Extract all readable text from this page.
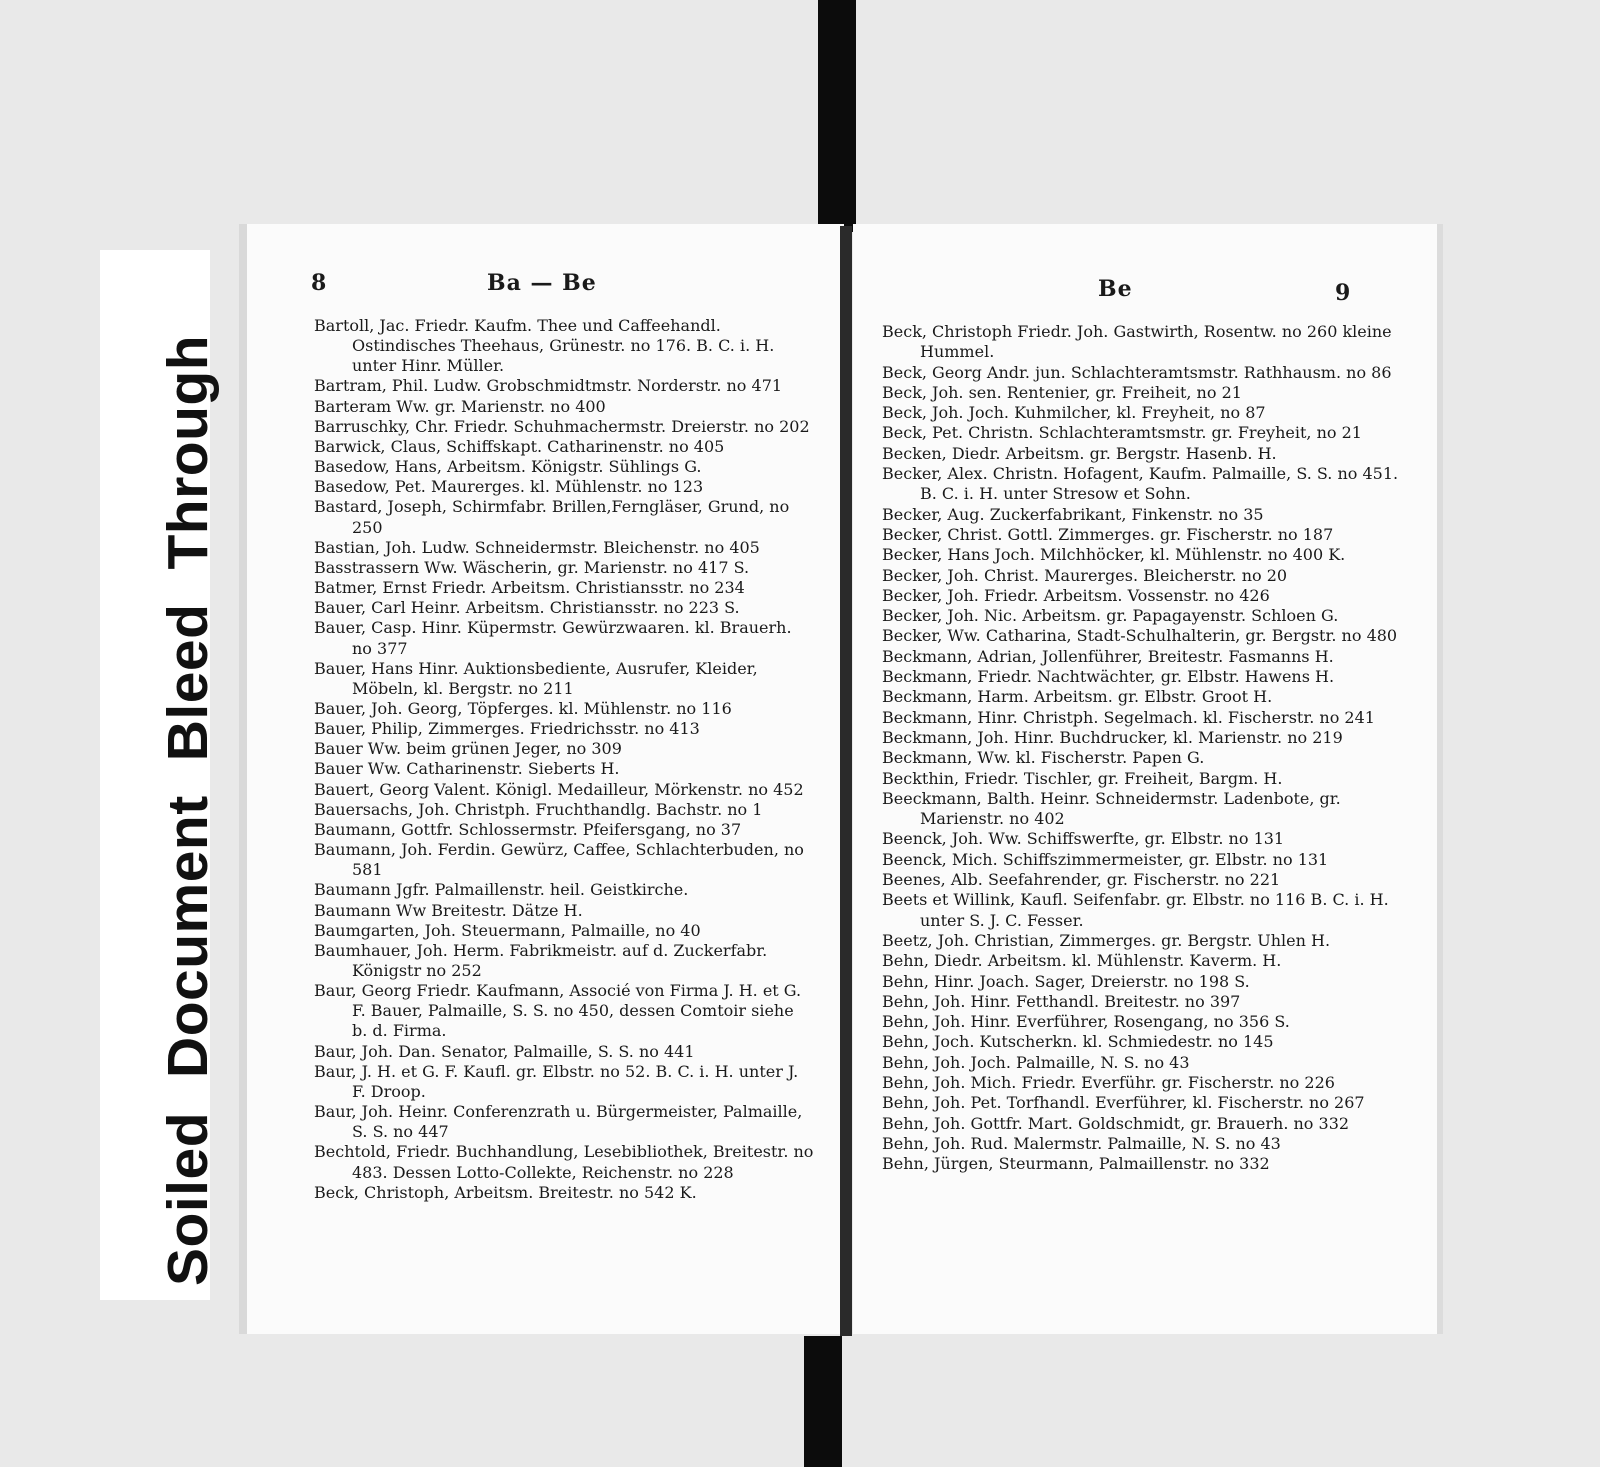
SoiledDocumentBleedThrough
8	Ba — Be
Bartoll, Jac. Friedr. Kaufm. Thee und Caffeehandl. Ostindisches Theehaus, Grünestr. no 176. B. C. i. H. unter Hinr. Müller.
Bartram, Phil. Ludw. Grobschmidtmstr. Norderstr. no 471
Barteram Ww. gr. Marienstr. no 400
Barruschky, Chr. Friedr. Schuhmachermstr. Dreierstr. no 202
Barwick, Claus, Schiffskapt. Catharinenstr. no 405
Basedow, Hans, Arbeitsm. Königstr. Sühlings G.
Basedow, Pet. Maurerges. kl. Mühlenstr. no 123
Bastard, Joseph, Schirmfabr. Brillen,Ferngläser, Grund, no 250
Bastian, Joh. Ludw. Schneidermstr. Bleichenstr. no 405
Basstrassern Ww. Wäscherin, gr. Marienstr. no 417 S.
Batmer, Ernst Friedr. Arbeitsm. Christiansstr. no 234
Bauer, Carl Heinr. Arbeitsm. Christiansstr. no 223 S.
Bauer, Casp. Hinr. Küpermstr. Gewürzwaaren. kl. Brauerh. no 377
Bauer, Hans Hinr. Auktionsbediente, Ausrufer, Kleider, Möbeln, kl. Bergstr. no 211
Bauer, Joh. Georg, Töpferges. kl. Mühlenstr. no 116
Bauer, Philip, Zimmerges. Friedrichsstr. no 413
Bauer Ww. beim grünen Jeger, no 309
Bauer Ww. Catharinenstr. Sieberts H.
Bauert, Georg Valent. Königl. Medailleur, Mörkenstr. no 452
Bauersachs, Joh. Christph. Fruchthandlg. Bachstr. no 1
Baumann, Gottfr. Schlossermstr. Pfeifersgang, no 37
Baumann, Joh. Ferdin. Gewürz, Caffee, Schlachterbuden, no 581
Baumann Jgfr. Palmaillenstr. heil. Geistkirche.
Baumann Ww Breitestr. Dätze H.
Baumgarten, Joh. Steuermann, Palmaille, no 40
Baumhauer, Joh. Herm. Fabrikmeistr. auf d. Zuckerfabr. Königstr no 252
Baur, Georg Friedr. Kaufmann, Associé von Firma J. H. et G. F. Bauer, Palmaille, S. S. no 450, dessen Comtoir siehe b. d. Firma.
Baur, Joh. Dan. Senator, Palmaille, S. S. no 441
Baur, J. H. et G. F. Kaufl. gr. Elbstr. no 52. B. C. i. H. unter J. F. Droop.
Baur, Joh. Heinr. Conferenzrath u. Bürgermeister, Palmaille, S. S. no 447
Bechtold, Friedr. Buchhandlung, Lesebibliothek, Breitestr. no 483. Dessen Lotto-Collekte, Reichenstr. no 228
Beck, Christoph, Arbeitsm. Breitestr. no 542 K.
Be	9
Beck, Christoph Friedr. Joh. Gastwirth, Rosentw. no 260 kleine Hummel.
Beck, Georg Andr. jun. Schlachteramtsmstr. Rathhausm. no 86
Beck, Joh. sen. Rentenier, gr. Freiheit, no 21
Beck, Joh. Joch. Kuhmilcher, kl. Freyheit, no 87
Beck, Pet. Christn. Schlachteramtsmstr. gr. Freyheit, no 21
Becken, Diedr. Arbeitsm. gr. Bergstr. Hasenb. H.
Becker, Alex. Christn. Hofagent, Kaufm. Palmaille, S. S. no 451. B. C. i. H. unter Stresow et Sohn.
Becker, Aug. Zuckerfabrikant, Finkenstr. no 35
Becker, Christ. Gottl. Zimmerges. gr. Fischerstr. no 187
Becker, Hans Joch. Milchhöcker, kl. Mühlenstr. no 400 K.
Becker, Joh. Christ. Maurerges. Bleicherstr. no 20
Becker, Joh. Friedr. Arbeitsm. Vossenstr. no 426
Becker, Joh. Nic. Arbeitsm. gr. Papagayenstr. Schloen G.
Becker, Ww. Catharina, Stadt-Schulhalterin, gr. Bergstr. no 480
Beckmann, Adrian, Jollenführer, Breitestr. Fasmanns H.
Beckmann, Friedr. Nachtwächter, gr. Elbstr. Hawens H.
Beckmann, Harm. Arbeitsm. gr. Elbstr. Groot H.
Beckmann, Hinr. Christph. Segelmach. kl. Fischerstr. no 241
Beckmann, Joh. Hinr. Buchdrucker, kl. Marienstr. no 219
Beckmann, Ww. kl. Fischerstr. Papen G.
Beckthin, Friedr. Tischler, gr. Freiheit, Bargm. H.
Beeckmann, Balth. Heinr. Schneidermstr. Ladenbote, gr. Marienstr. no 402
Beenck, Joh. Ww. Schiffswerfte, gr. Elbstr. no 131
Beenck, Mich. Schiffszimmermeister, gr. Elbstr. no 131
Beenes, Alb. Seefahrender, gr. Fischerstr. no 221
Beets et Willink, Kaufl. Seifenfabr. gr. Elbstr. no 116 B. C. i. H. unter S. J. C. Fesser.
Beetz, Joh. Christian, Zimmerges. gr. Bergstr. Uhlen H.
Behn, Diedr. Arbeitsm. kl. Mühlenstr. Kaverm. H.
Behn, Hinr. Joach. Sager, Dreierstr. no 198 S.
Behn, Joh. Hinr. Fetthandl. Breitestr. no 397
Behn, Joh. Hinr. Everführer, Rosengang, no 356 S.
Behn, Joch. Kutscherkn. kl. Schmiedestr. no 145
Behn, Joh. Joch. Palmaille, N. S. no 43
Behn, Joh. Mich. Friedr. Everführ. gr. Fischerstr. no 226
Behn, Joh. Pet. Torfhandl. Everführer, kl. Fischerstr. no 267
Behn, Joh. Gottfr. Mart. Goldschmidt, gr. Brauerh. no 332
Behn, Joh. Rud. Malermstr. Palmaille, N. S. no 43
Behn, Jürgen, Steurmann, Palmaillenstr. no 332
